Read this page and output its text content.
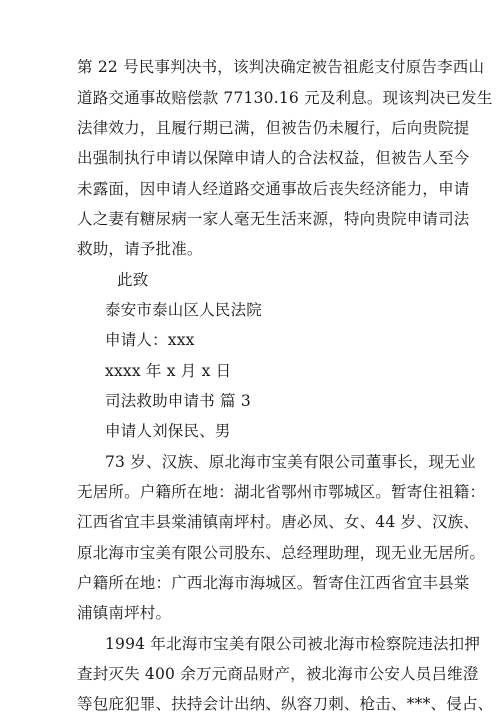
第 22 号民事判决书，该判决确定被告祖彪支付原告李西山
道路交通事故赔偿款 77130.16 元及利息。现该判决已发生
法律效力，且履行期已满，但被告仍未履行，后向贵院提
出强制执行申请以保障申请人的合法权益，但被告人至今
未露面，因申请人经道路交通事故后丧失经济能力，申请
人之妻有糖尿病一家人毫无生活来源，特向贵院申请司法
救助，请予批准。
此致
泰安市泰山区人民法院
申请人：xxx
xxxx 年 x 月 x 日
司法救助申请书 篇 3
申请人刘保民、男
73 岁、汉族、原北海市宝美有限公司董事长，现无业
无居所。户籍所在地：湖北省鄂州市鄂城区。暂寄住祖籍：
江西省宜丰县棠浦镇南坪村。唐必凤、女、44 岁、汉族、
原北海市宝美有限公司股东、总经理助理，现无业无居所。
户籍所在地：广西北海市海城区。暂寄住江西省宜丰县棠
浦镇南坪村。
1994 年北海市宝美有限公司被北海市检察院违法扣押
查封灭失 400 余万元商品财产，被北海市公安人员吕维澄
等包庇犯罪、扶持会计出纳、纵容刀刺、枪击、***、侵占、
